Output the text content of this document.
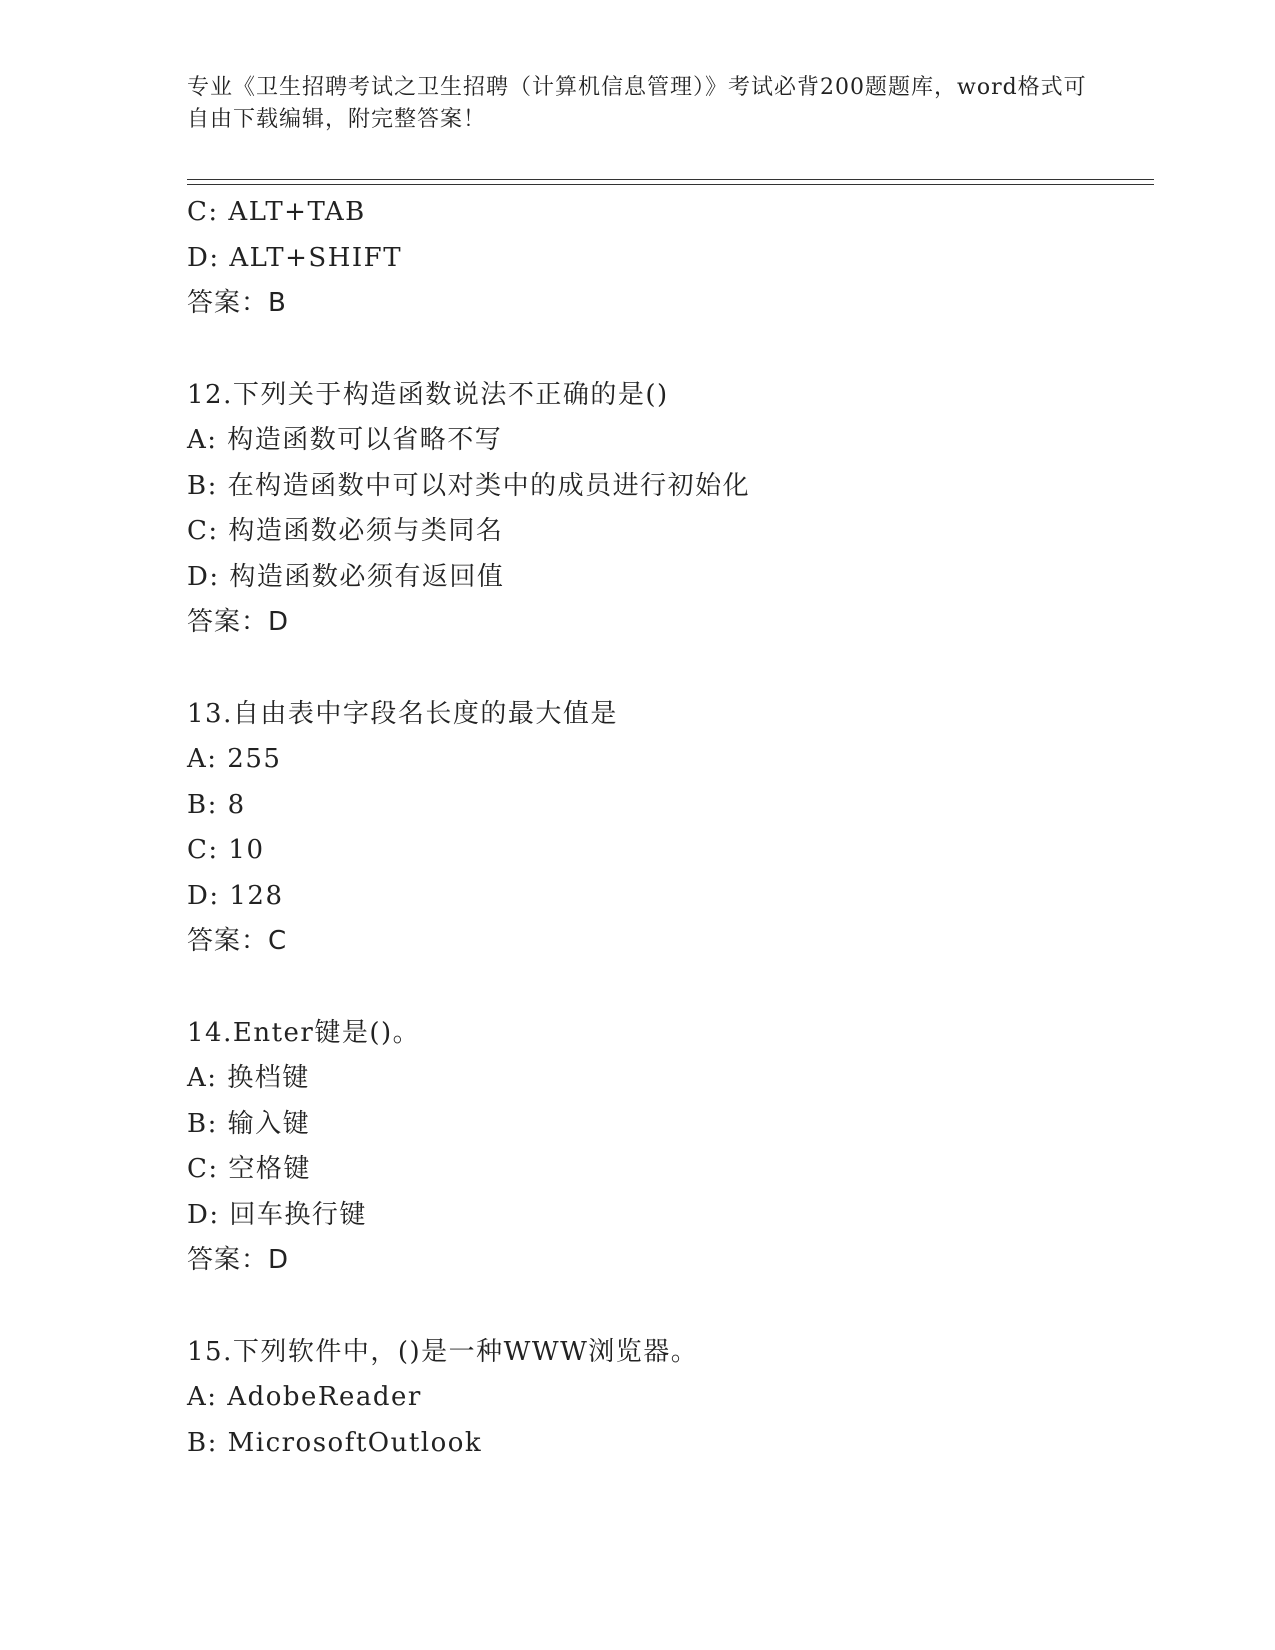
专业《卫生招聘考试之卫生招聘（计算机信息管理）》考试必背200题题库，word格式可自由下载编辑，附完整答案！
C: ALT+TAB
D: ALT+SHIFT
答案：B
12.下列关于构造函数说法不正确的是()
A: 构造函数可以省略不写
B: 在构造函数中可以对类中的成员进行初始化
C: 构造函数必须与类同名
D: 构造函数必须有返回值
答案：D
13.自由表中字段名长度的最大值是
A: 255
B: 8
C: 10
D: 128
答案：C
14.Enter键是()。
A: 换档键
B: 输入键
C: 空格键
D: 回车换行键
答案：D
15.下列软件中，()是一种WWW浏览器。
A: AdobeReader
B: MicrosoftOutlook
